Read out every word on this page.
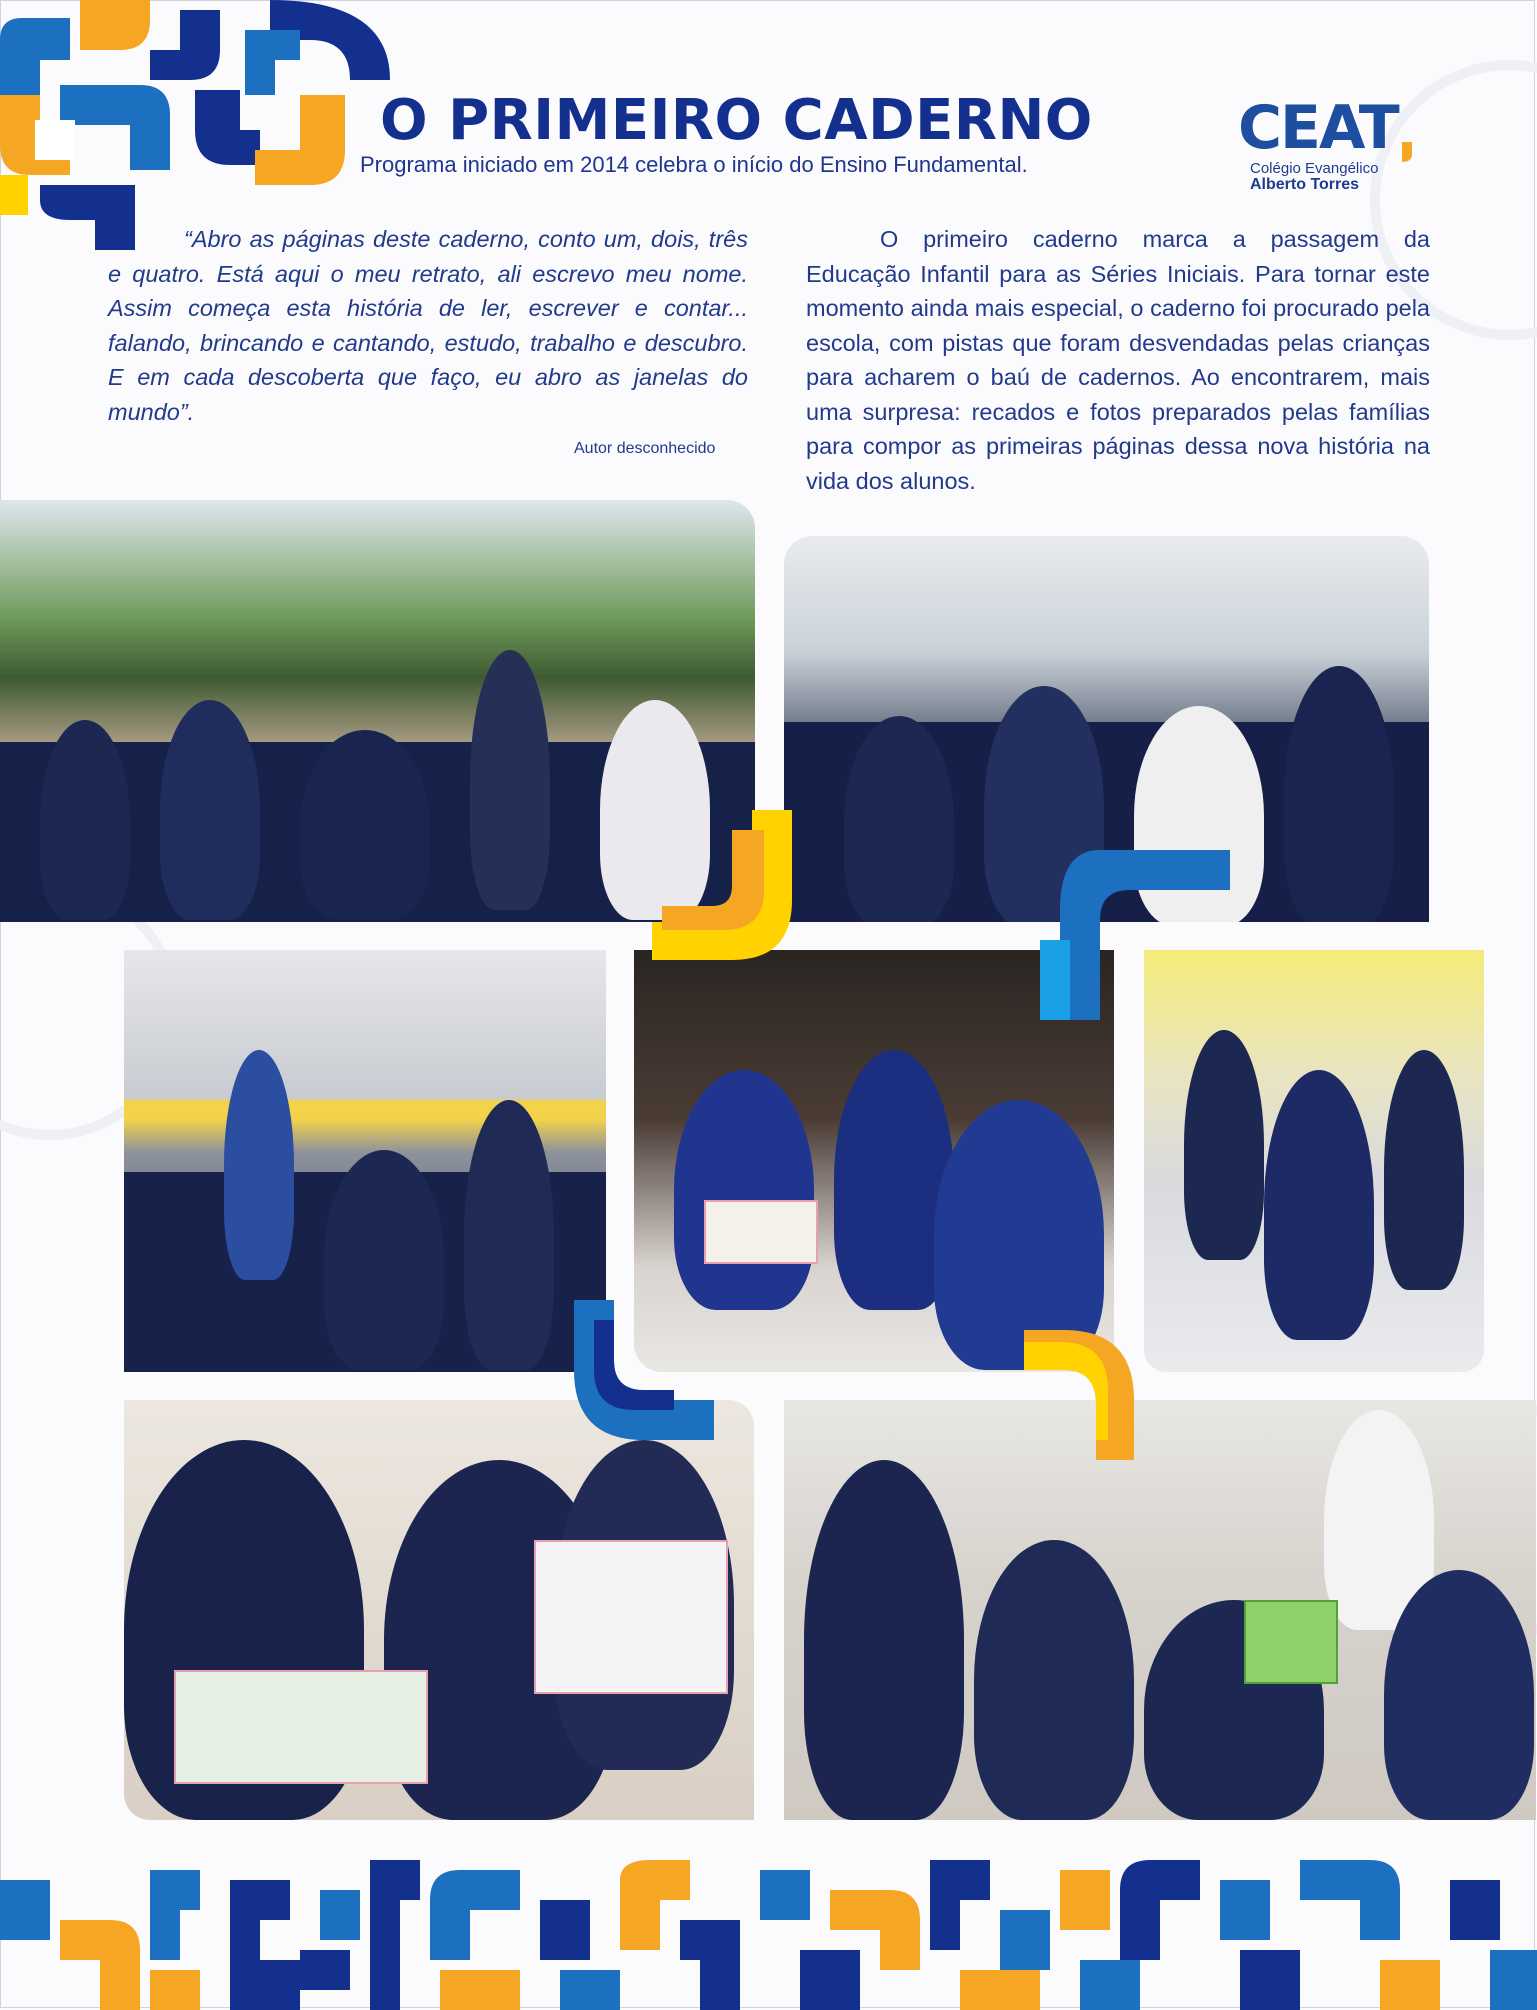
O PRIMEIRO CADERNO

Programa iniciado em 2014 celebra o início do Ensino Fundamental.

CEAT
Colégio Evangélico
Alberto Torres

“Abro as páginas deste caderno, conto um, dois, três e quatro. Está aqui o meu retrato, ali escrevo meu nome. Assim começa esta história de ler, escrever e contar... falando, brincando e cantando, estudo, trabalho e descubro. E em cada descoberta que faço, eu abro as janelas do mundo”.

Autor desconhecido

O primeiro caderno marca a passagem da Educação Infantil para as Séries Iniciais. Para tornar este momento ainda mais especial, o caderno foi procurado pela escola, com pistas que foram desvendadas pelas crianças para acharem o baú de cadernos. Ao encontrarem, mais uma surpresa: recados e fotos preparados pelas famílias para compor as primeiras páginas dessa nova história na vida dos alunos.
